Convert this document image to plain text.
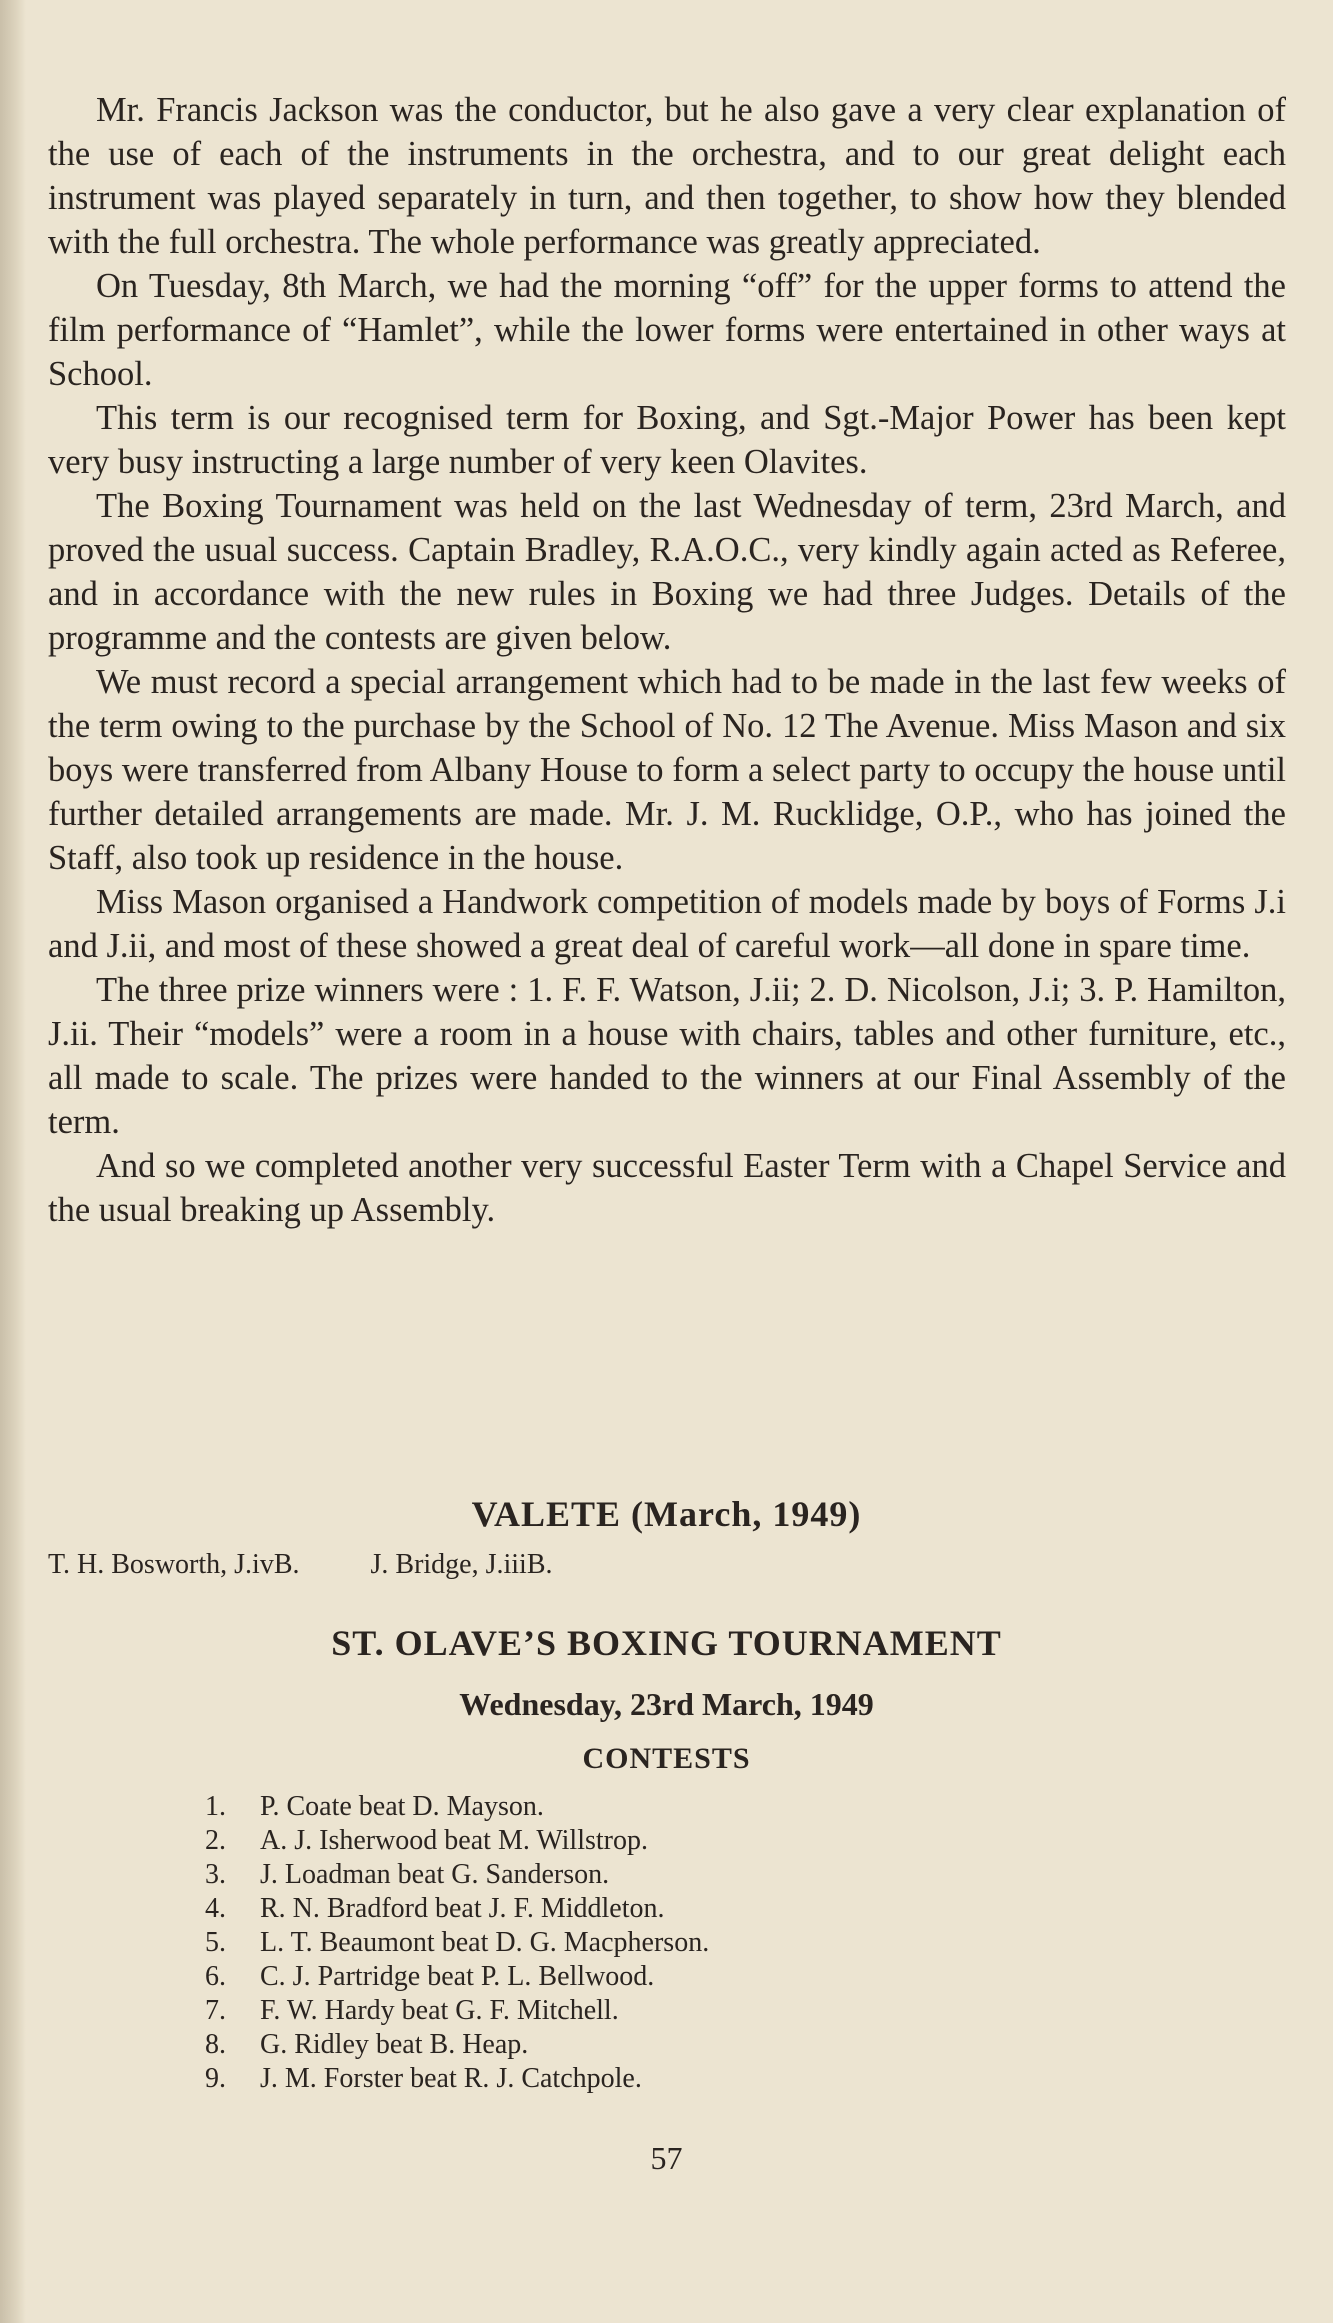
Mr. Francis Jackson was the conductor, but he also gave a very clear explanation of the use of each of the instruments in the orchestra, and to our great delight each instrument was played separately in turn, and then together, to show how they blended with the full orchestra. The whole performance was greatly appreciated.

On Tuesday, 8th March, we had the morning “off” for the upper forms to attend the film performance of “Hamlet”, while the lower forms were entertained in other ways at School.

This term is our recognised term for Boxing, and Sgt.-Major Power has been kept very busy instructing a large number of very keen Olavites.

The Boxing Tournament was held on the last Wednesday of term, 23rd March, and proved the usual success. Captain Bradley, R.A.O.C., very kindly again acted as Referee, and in accordance with the new rules in Boxing we had three Judges. Details of the programme and the contests are given below.

We must record a special arrangement which had to be made in the last few weeks of the term owing to the purchase by the School of No. 12 The Avenue. Miss Mason and six boys were transferred from Albany House to form a select party to occupy the house until further detailed arrangements are made. Mr. J. M. Rucklidge, O.P., who has joined the Staff, also took up residence in the house.

Miss Mason organised a Handwork competition of models made by boys of Forms J.i and J.ii, and most of these showed a great deal of careful work—all done in spare time.

The three prize winners were : 1. F. F. Watson, J.ii; 2. D. Nicolson, J.i; 3. P. Hamilton, J.ii. Their “models” were a room in a house with chairs, tables and other furniture, etc., all made to scale. The prizes were handed to the winners at our Final Assembly of the term.

And so we completed another very successful Easter Term with a Chapel Service and the usual breaking up Assembly.

VALETE (March, 1949)
T. H. Bosworth, J.ivB.	J. Bridge, J.iiiB.
ST. OLAVE’S BOXING TOURNAMENT
Wednesday, 23rd March, 1949
CONTESTS
1. P. Coate beat D. Mayson.
2. A. J. Isherwood beat M. Willstrop.
3. J. Loadman beat G. Sanderson.
4. R. N. Bradford beat J. F. Middleton.
5. L. T. Beaumont beat D. G. Macpherson.
6. C. J. Partridge beat P. L. Bellwood.
7. F. W. Hardy beat G. F. Mitchell.
8. G. Ridley beat B. Heap.
9. J. M. Forster beat R. J. Catchpole.
57
